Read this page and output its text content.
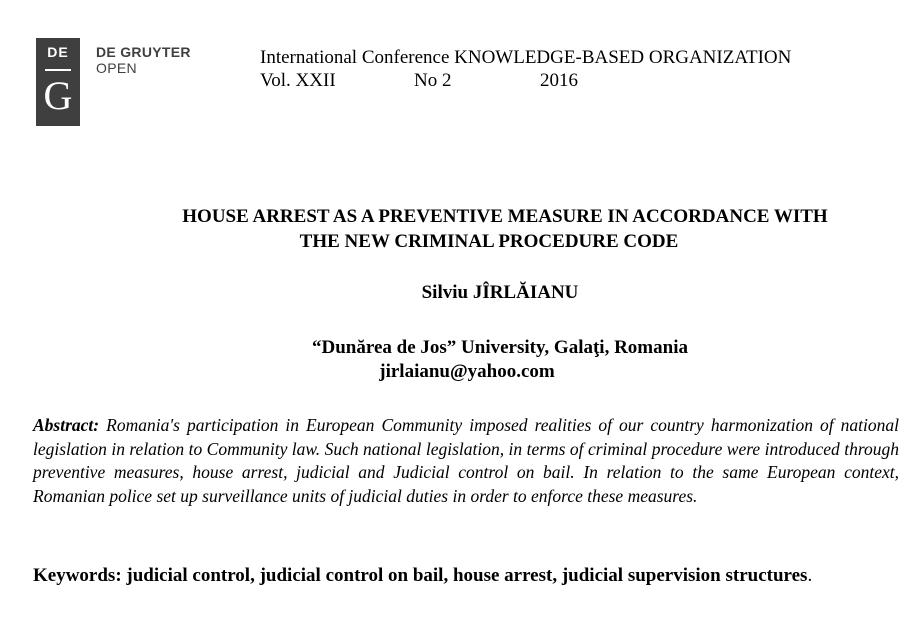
DE
G
DE GRUYTER
OPEN	International Conference KNOWLEDGE-BASED ORGANIZATION
Vol. XXII	No 2	2016
HOUSE ARREST AS A PREVENTIVE MEASURE IN ACCORDANCE WITH
THE NEW CRIMINAL PROCEDURE CODE
Silviu JÎRLĂIANU
“Dunărea de Jos” University, Galaţi, Romania
jirlaianu@yahoo.com
Abstract: Romania's participation in European Community imposed realities of our country harmonization of national legislation in relation to Community law. Such national legislation, in terms of criminal procedure were introduced through preventive measures, house arrest, judicial and Judicial control on bail. In relation to the same European context, Romanian police set up surveillance units of judicial duties in order to enforce these measures.
Keywords: judicial control, judicial control on bail, house arrest, judicial supervision structures.
